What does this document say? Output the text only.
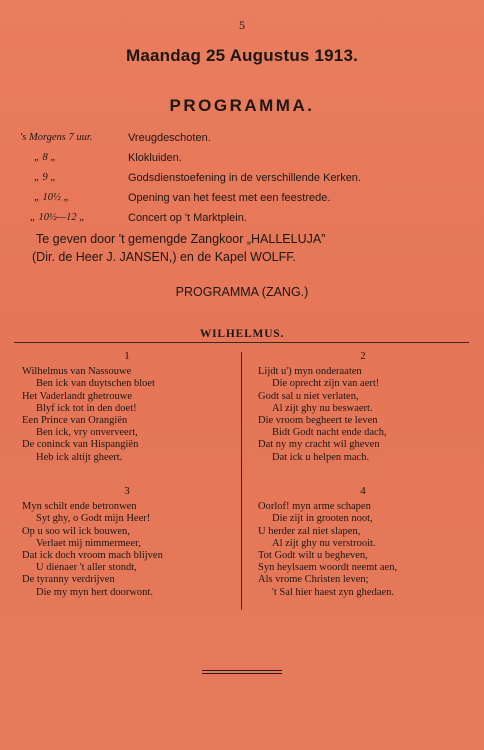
5
Maandag 25 Augustus 1913.
PROGRAMMA.
's Morgens 7 uur.	Vreugdeschoten.
„ 8 „	Klokluiden.
„ 9 „	Godsdienstoefening in de verschillende Kerken.
„ 10½ „	Opening van het feest met een feestrede.
„ 10½—12 „	Concert op 't Marktplein.
Te geven door 't gemengde Zangkoor „HALLELUJA”
(Dir. de Heer J. JANSEN,) en de Kapel WOLFF.
PROGRAMMA (ZANG.)
WILHELMUS.
1
Wilhelmus van Nassouwe
Ben ick van duytschen bloet
Het Vaderlandt ghetrouwe
Blyf ick tot in den doet!
Een Prince van Orangiën
Ben ick, vry onverveert,
De coninck van Hispangiën
Heb ick altijt gheert.
2
Lijdt u') myn onderaaten
Die oprecht zijn van aert!
Godt sal u niet verlaten,
Al zijt ghy nu beswaert.
Die vroom begheert te leven
Bidt Godt nacht ende dach,
Dat ny my cracht wil gheven
Dat ick u helpen mach.
3
Myn schilt ende betronwen
Syt ghy, o Godt mijn Heer!
Op u soo wil ick bouwen,
Verlaet mij nimmermeer,
Dat ick doch vroom mach blijven
U dienaer 't aller stondt,
De tyranny verdrijven
Die my myn hert doorwont.
4
Oorlof! myn arme schapen
Die zijt in grooten noot,
U herder zal niet slapen,
Al zijt ghy nu verstrooit.
Tot Godt wilt u begheven,
Syn heylsaem woordt neemt aen,
Als vrome Christen leven;
't Sal hier haest zyn ghedaen.
